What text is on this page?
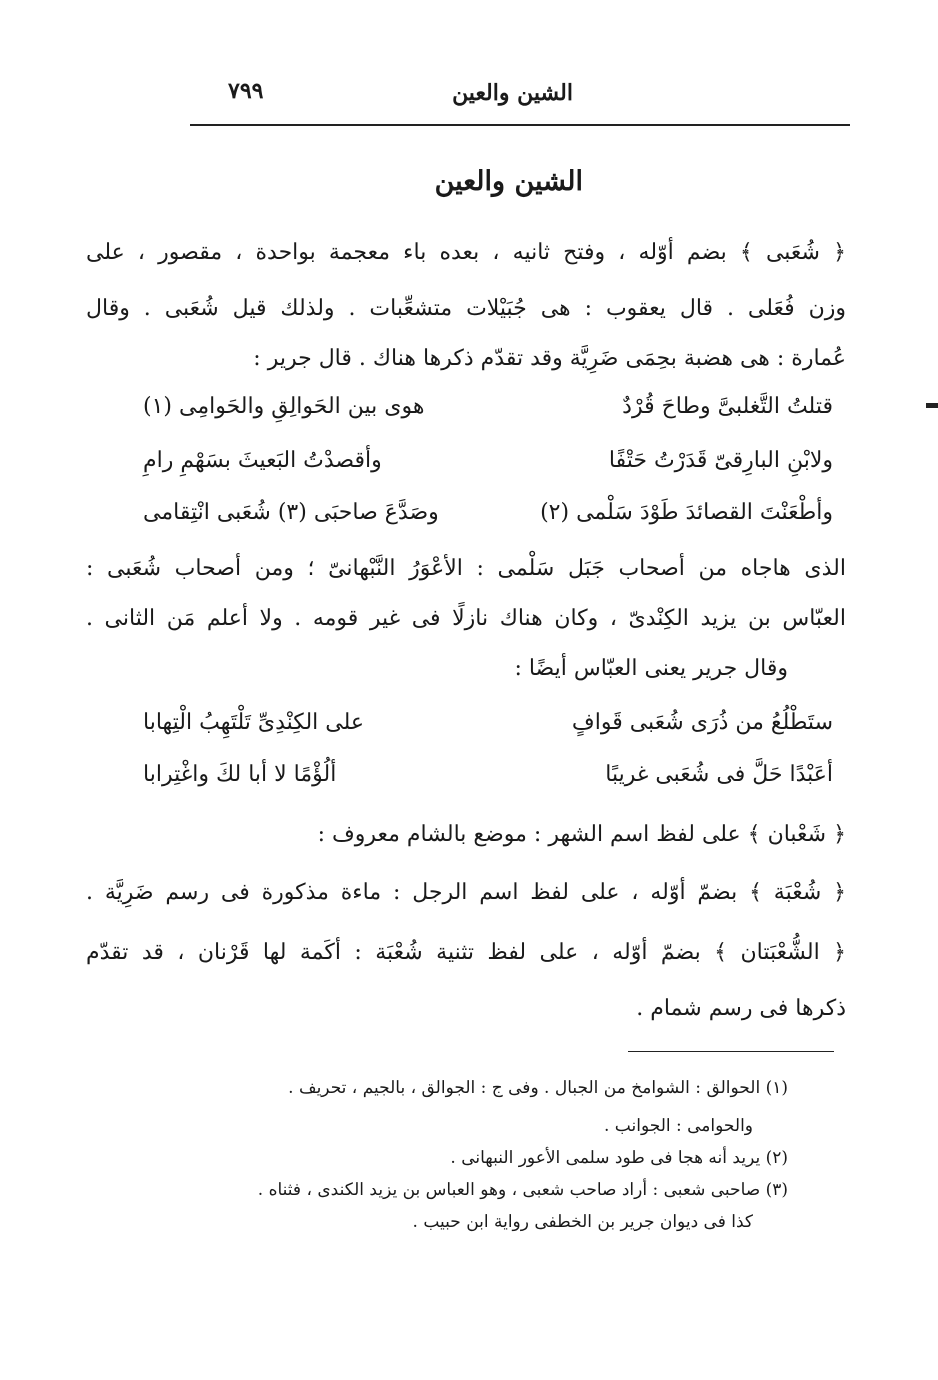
٧٩٩	الشين والعين
الشين والعين
﴿ شُعَبى ﴾ بضم أوّله ، وفتح ثانيه ، بعده باء معجمة بواحدة ، مقصور ، على
وزن فُعَلى . قال يعقوب : هى جُبَيْلات متشعِّبات . ولذلك قيل شُعَبى . وقال
عُمارة : هى هضبة بحِمَى ضَرِيَّة وقد تقدّم ذكرها هناك . قال جرير :
قتلتُ التَّغلبىَّ وطاحَ قُرْدٌ
هوى بين الحَوالِقِ والحَوامِى (١)
ولابْنِ البارِقىّ قَدَرْتُ حَتْفًا
وأقصدْتُ البَعيثَ بسَهْمِ رامِ
وأطْعَنْتَ القصائدَ طَوْدَ سَلْمى (٢)
وصَدَّعَ صاحبَى (٣) شُعَبى انْتِقامى
الذى هاجاه من أصحاب جَبَل سَلْمى : الأعْوَرُ النَّبْهانىّ ؛ ومن أصحاب شُعَبى :
العبّاس بن يزيد الكِنْدىّ ، وكان هناك نازلًا فى غير قومه . ولا أعلم مَن الثانى .
وقال جرير يعنى العبّاس أيضًا :
ستَطْلُعُ من ذُرَى شُعَبى قَوافٍ
على الكِنْدِىِّ تَلْتَهِبُ الْتِهابا
أعَبْدًا حَلَّ فى شُعَبى غريبًا
ألُؤْمًا لا أبا لكَ واغْتِرابا
﴿ شَعْبان ﴾ على لفظ اسم الشهر : موضع بالشام معروف :
﴿ شُعْبَة ﴾ بضمّ أوّله ، على لفظ اسم الرجل : ماءة مذكورة فى رسم ضَرِيَّة .
﴿ الشُّعْبَتان ﴾ بضمّ أوّله ، على لفظ تثنية شُعْبَة : أكَمة لها قَرْنان ، قد تقدّم
ذكرها فى رسم شمام .
(١) الحوالق : الشوامخ من الجبال . وفى ج : الجوالق ، بالجيم ، تحريف .
والحوامى : الجوانب .
(٢) يريد أنه هجا فى طود سلمى الأعور النبهانى .
(٣) صاحبى شعبى : أراد صاحب شعبى ، وهو العباس بن يزيد الكندى ، فثناه .
كذا فى ديوان جرير بن الخطفى رواية ابن حبيب .
